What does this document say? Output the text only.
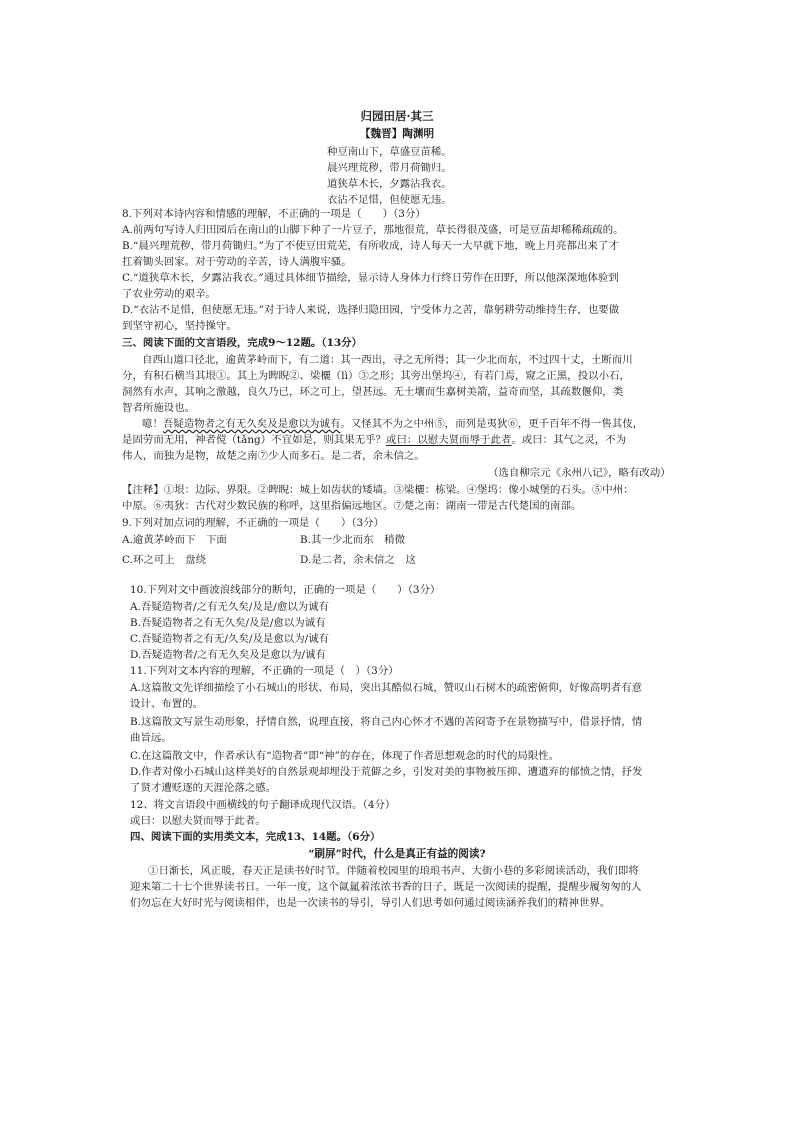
归园田居·其三
【魏晋】陶渊明
种豆南山下，草盛豆苗稀。
晨兴理荒秽，带月荷锄归。
道狭草木长，夕露沾我衣。
衣沾不足惜，但使愿无违。
8.下列对本诗内容和情感的理解，不正确的一项是（　　）（3分）
A.前两句写诗人归田园后在南山的山脚下种了一片豆子，那地很荒，草长得很茂盛，可是豆苗却稀稀疏疏的。
B.“晨兴理荒秽，带月荷锄归。”为了不使豆田荒芜，有所收成，诗人每天一大早就下地，晚上月亮都出来了才
扛着锄头回家。对于劳动的辛苦，诗人满腹牢骚。
C.“道狭草木长，夕露沾我衣。”通过具体细节描绘，显示诗人身体力行终日劳作在田野，所以他深深地体验到
了农业劳动的艰辛。
D.“衣沾不足惜，但使愿无违。”对于诗人来说，选择归隐田园，宁受体力之苦，靠躬耕劳动维持生存，也要做
到坚守初心，坚持操守。
三、阅读下面的文言语段，完成9～12题。（13分）
自西山道口径北，逾黄茅岭而下，有二道：其一西出，寻之无所得；其一少北而东，不过四十丈，土断而川
分，有积石横当其垠①。其上为睥睨②、梁欐（lì）③之形；其旁出堡坞④，有若门焉，窥之正黑，投以小石，
洞然有水声，其响之激越，良久乃已，环之可上，望甚远。无土壤而生嘉树美箭，益奇而坚，其疏数偃仰，类
智者所施设也。
噫！吾疑造物者之有无久矣及是愈以为诚有。又怪其不为之中州⑤，而列是夷狄⑥，更千百年不得一售其伎，
是固劳而无用，神者傥（tǎng）不宜如是，则其果无乎？或曰：以慰夫贤而辱于此者。或曰：其气之灵，不为
伟人，而独为是物，故楚之南⑦少人而多石。是二者，余未信之。
（选自柳宗元《永州八记》，略有改动）
【注释】①垠：边际、界限。②睥睨：城上如齿状的矮墙。③梁欐：栋梁。④堡坞：像小城堡的石头。⑤中州：
中原。⑥夷狄：古代对少数民族的称呼，这里指偏远地区。⑦楚之南：湖南一带是古代楚国的南部。
9.下列对加点词的理解，不正确的一项是（　　）（3分）
A.逾黄茅岭而下　下面	B.其一少北而东　稍微
C.环之可上　盘绕	D.是二者，余未信之　这
10.下列对文中画波浪线部分的断句，正确的一项是（　　）（3分）
A.吾疑造物者/之有无久矣/及是/愈以为诚有
B.吾疑造物者之有无久矣/及是/愈以为诚有
C.吾疑造物者之有无/久矣/及是愈以为/诚有
D.吾疑造物者/之有无久矣及是愈以为/诚有
11.下列对文本内容的理解，不正确的一项是（　）（3分）
A.这篇散文先详细描绘了小石城山的形状、布局，突出其酷似石城，赞叹山石树木的疏密俯仰，好像高明者有意
设计、布置的。
B.这篇散文写景生动形象，抒情自然，说理直接，将自己内心怀才不遇的苦闷寄予在景物描写中，借景抒情，情
曲旨远。
C.在这篇散文中，作者承认有“造物者”即“神”的存在，体现了作者思想观念的时代的局限性。
D.作者对像小石城山这样美好的自然景观却埋没于荒僻之乡，引发对美的事物被压抑、遭遗弃的郁愤之情，抒发
了贤才遭贬逐的天涯沦落之感。
12、将文言语段中画横线的句子翻译成现代汉语。（4分）
或曰：以慰夫贤而辱于此者。
四、阅读下面的实用类文本，完成13、14题。（6分）
“刷屏”时代，什么是真正有益的阅读?
①日渐长，风正暖，春天正是读书好时节。伴随着校园里的琅琅书声、大街小巷的多彩阅读活动，我们即将
迎来第二十七个世界读书日。一年一度，这个氤氲着浓浓书香的日子，既是一次阅读的提醒，提醒步履匆匆的人
们勿忘在大好时光与阅读相伴，也是一次读书的导引，导引人们思考如何通过阅读涵养我们的精神世界。
